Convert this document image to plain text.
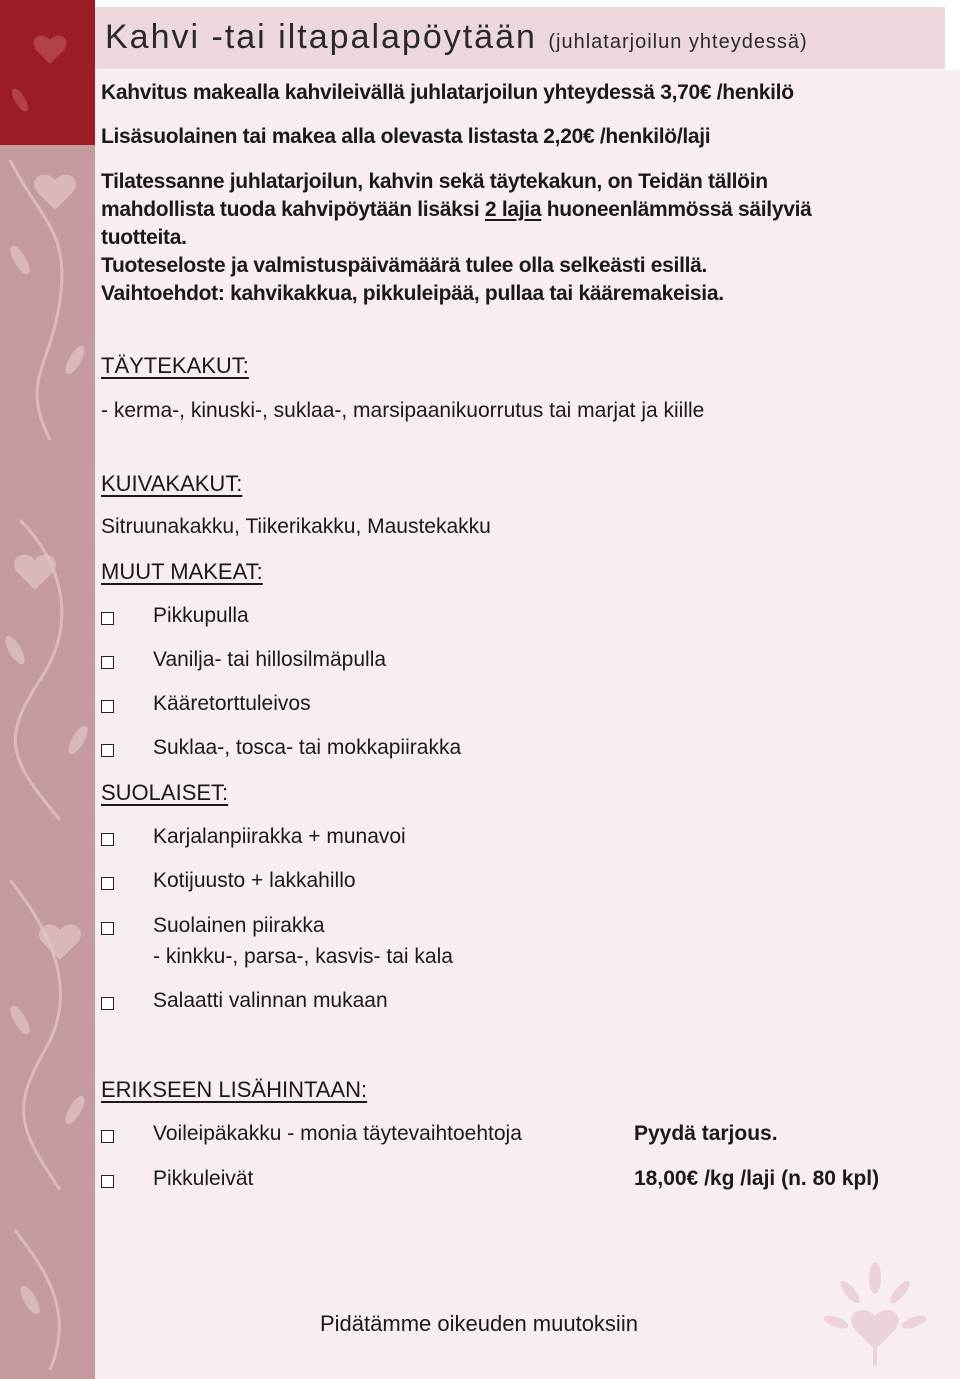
Kahvi -tai iltapalapöytään (juhlatarjoilun yhteydessä)
Kahvitus makealla kahvileivällä juhlatarjoilun yhteydessä 3,70€ /henkilö
Lisäsuolainen tai makea alla olevasta listasta 2,20€ /henkilö/laji
Tilatessanne juhlatarjoilun, kahvin sekä täytekakun, on Teidän tällöin
mahdollista tuoda kahvipöytään lisäksi 2 lajia huoneenlämmössä säilyviä
tuotteita.
Tuoteseloste ja valmistuspäivämäärä tulee olla selkeästi esillä.
Vaihtoehdot: kahvikakkua, pikkuleipää, pullaa tai kääremakeisia.
TÄYTEKAKUT:
- kerma-, kinuski-, suklaa-, marsipaanikuorrutus tai marjat ja kiille
KUIVAKAKUT:
Sitruunakakku, Tiikerikakku, Maustekakku
MUUT MAKEAT:
Pikkupulla
Vanilja- tai hillosilmäpulla
Kääretorttuleivos
Suklaa-, tosca- tai mokkapiirakka
SUOLAISET:
Karjalanpiirakka + munavoi
Kotijuusto + lakkahillo
Suolainen piirakka
- kinkku-, parsa-, kasvis- tai kala
Salaatti valinnan mukaan
ERIKSEEN LISÄHINTAAN:
Voileipäkakku - monia täytevaihtoehtoja	Pyydä tarjous.
Pikkuleivät	18,00€ /kg /laji (n. 80 kpl)
Pidätämme oikeuden muutoksiin
